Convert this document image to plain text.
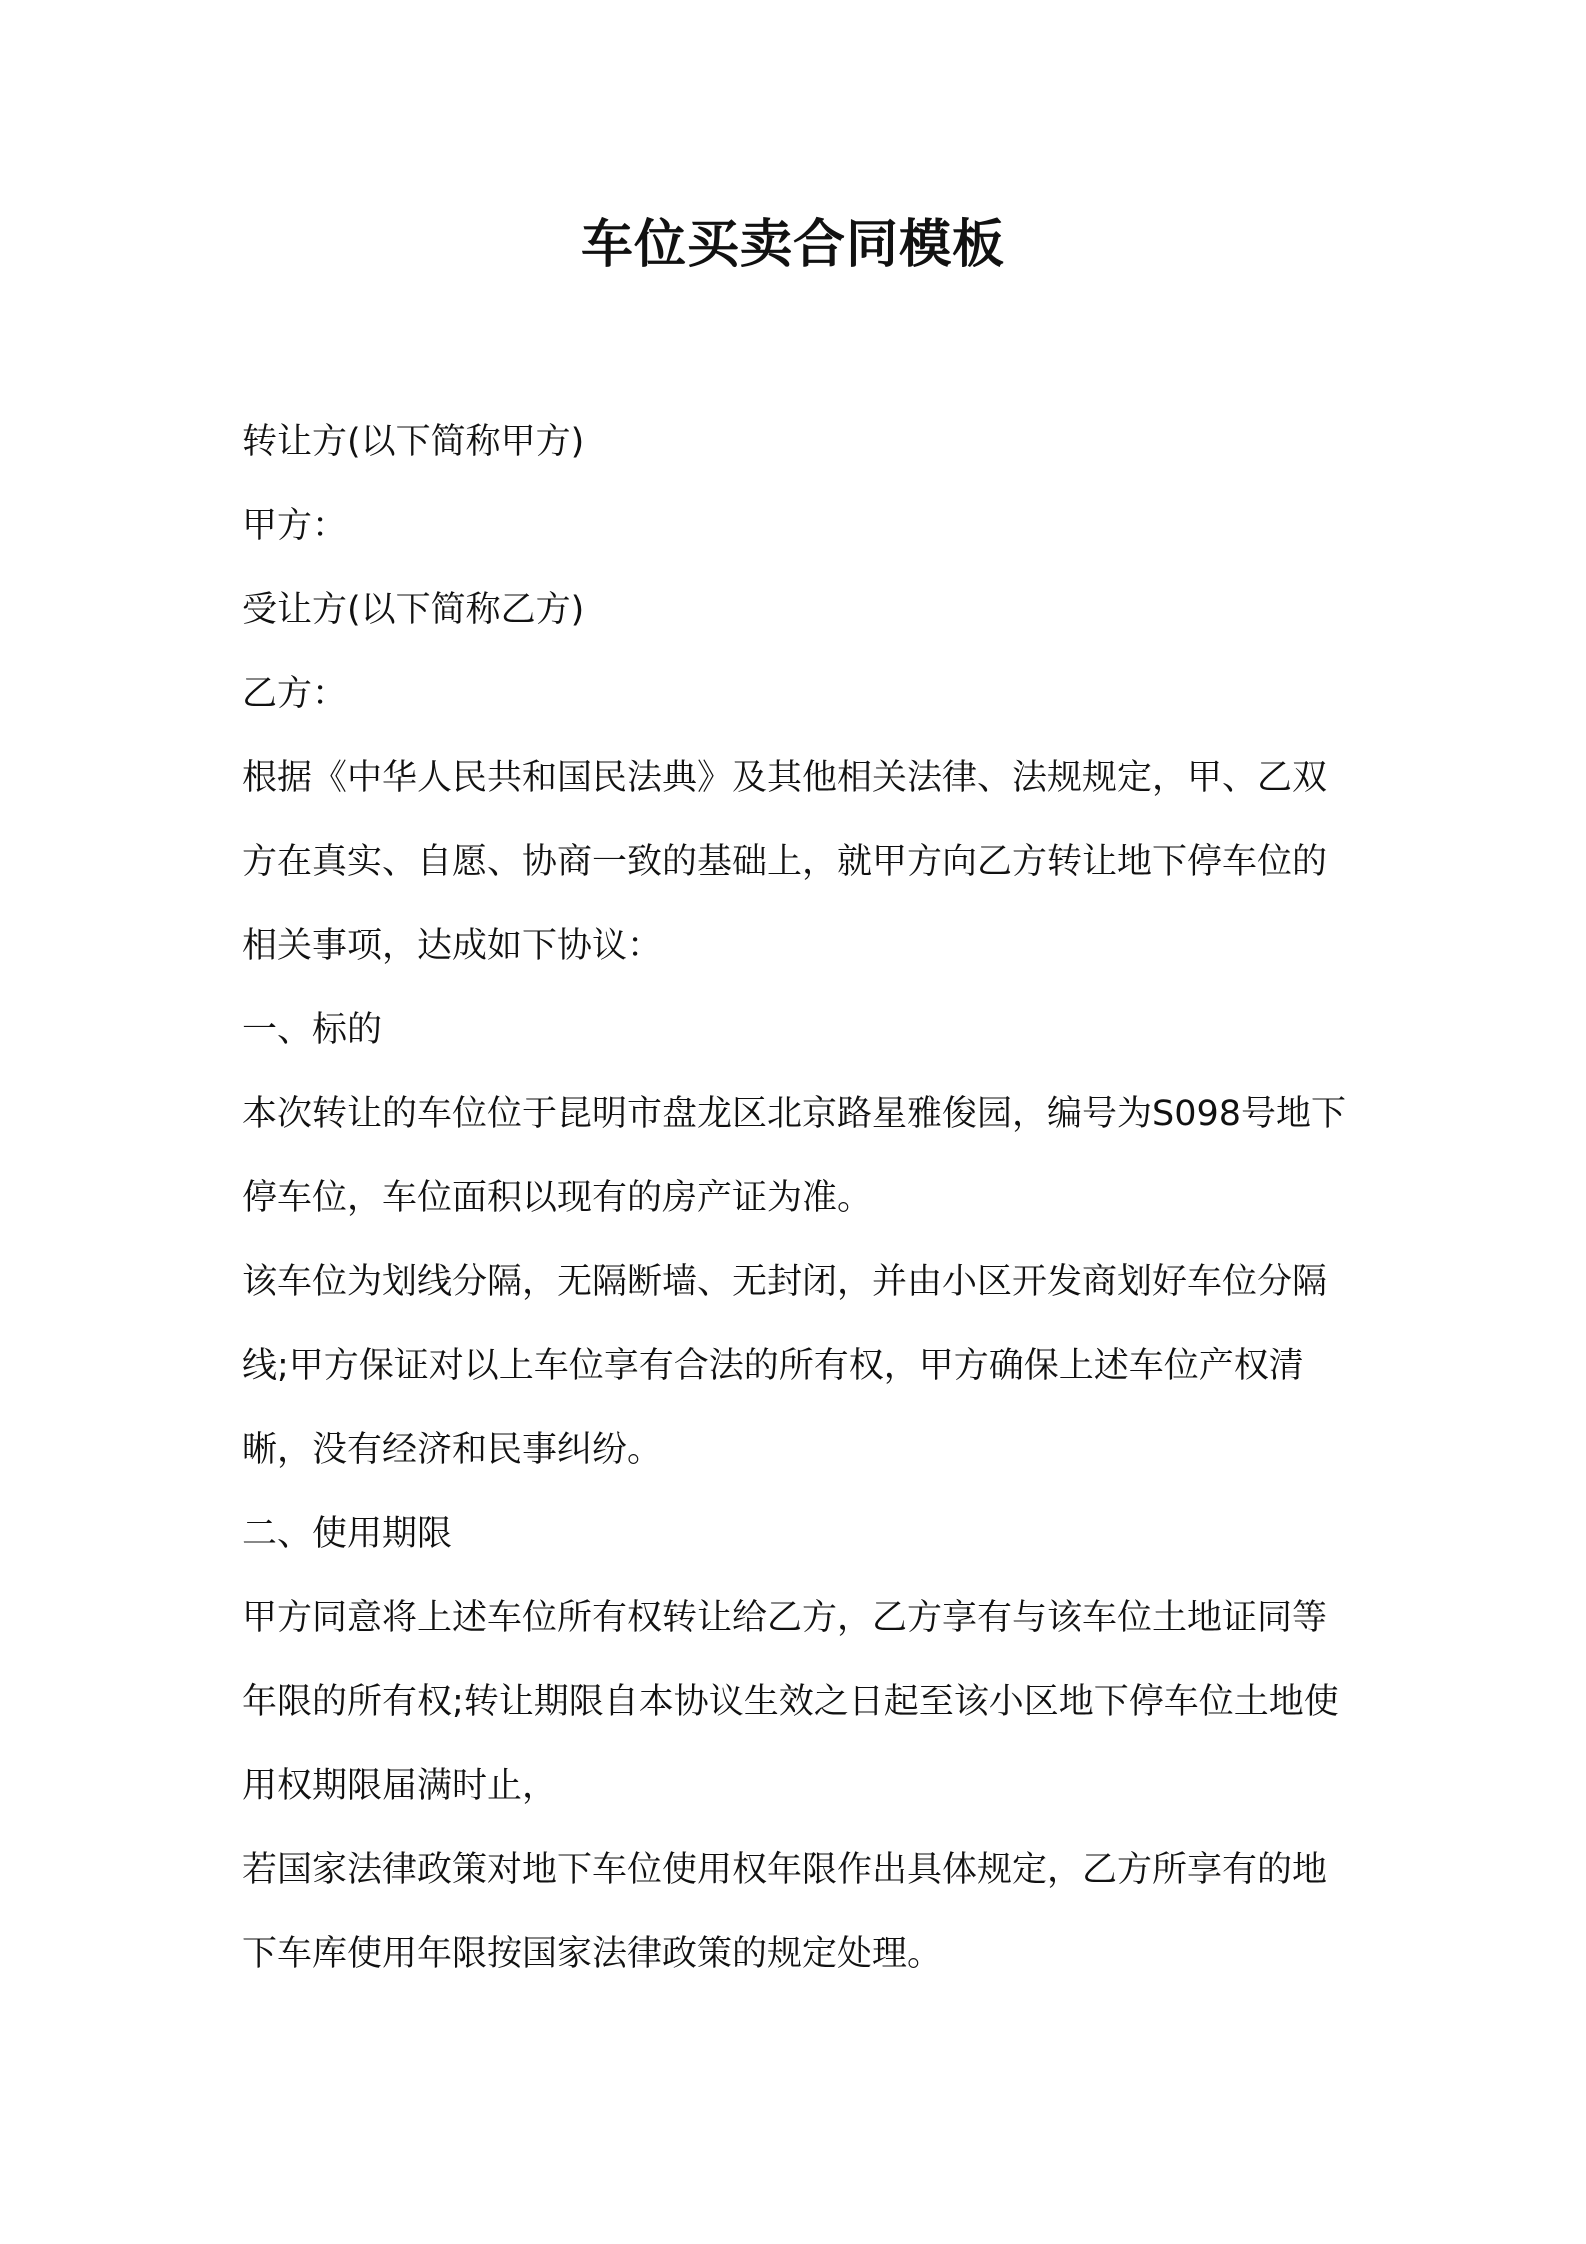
车位买卖合同模板

转让方(以下简称甲方)

甲方：

受让方(以下简称乙方)

乙方：

根据《中华人民共和国民法典》及其他相关法律、法规规定，甲、乙双方在真实、自愿、协商一致的基础上，就甲方向乙方转让地下停车位的相关事项，达成如下协议：

一、标的

本次转让的车位位于昆明市盘龙区北京路星雅俊园，编号为S098号地下停车位，车位面积以现有的房产证为准。

该车位为划线分隔，无隔断墙、无封闭，并由小区开发商划好车位分隔线;甲方保证对以上车位享有合法的所有权，甲方确保上述车位产权清晰，没有经济和民事纠纷。

二、使用期限

甲方同意将上述车位所有权转让给乙方，乙方享有与该车位土地证同等年限的所有权;转让期限自本协议生效之日起至该小区地下停车位土地使用权期限届满时止，

若国家法律政策对地下车位使用权年限作出具体规定，乙方所享有的地下车库使用年限按国家法律政策的规定处理。
